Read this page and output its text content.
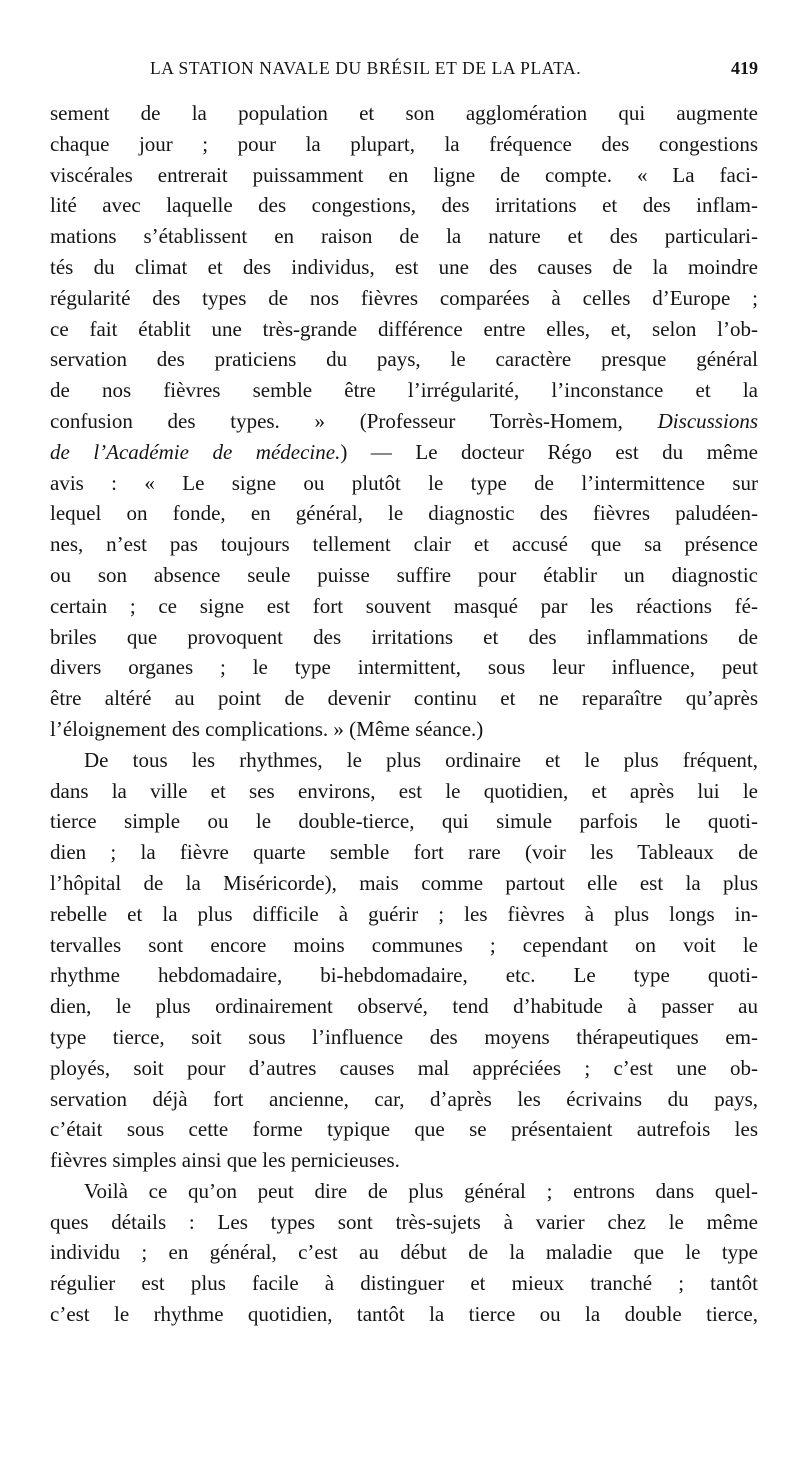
LA STATION NAVALE DU BRÉSIL ET DE LA PLATA.	419

sement de la population et son agglomération qui augmente
chaque jour ; pour la plupart, la fréquence des congestions
viscérales entrerait puissamment en ligne de compte. « La faci-
lité avec laquelle des congestions, des irritations et des inflam-
mations s’établissent en raison de la nature et des particulari-
tés du climat et des individus, est une des causes de la moindre
régularité des types de nos fièvres comparées à celles d’Europe ;
ce fait établit une très-grande différence entre elles, et, selon l’ob-
servation des praticiens du pays, le caractère presque général
de nos fièvres semble être l’irrégularité, l’inconstance et la
confusion des types. » (Professeur Torrès-Homem, Discussions
de l’Académie de médecine.) — Le docteur Régo est du même
avis : « Le signe ou plutôt le type de l’intermittence sur
lequel on fonde, en général, le diagnostic des fièvres paludéen-
nes, n’est pas toujours tellement clair et accusé que sa présence
ou son absence seule puisse suffire pour établir un diagnostic
certain ; ce signe est fort souvent masqué par les réactions fé-
briles que provoquent des irritations et des inflammations de
divers organes ; le type intermittent, sous leur influence, peut
être altéré au point de devenir continu et ne reparaître qu’après
l’éloignement des complications. » (Même séance.)

De tous les rhythmes, le plus ordinaire et le plus fréquent,
dans la ville et ses environs, est le quotidien, et après lui le
tierce simple ou le double-tierce, qui simule parfois le quoti-
dien ; la fièvre quarte semble fort rare (voir les Tableaux de
l’hôpital de la Miséricorde), mais comme partout elle est la plus
rebelle et la plus difficile à guérir ; les fièvres à plus longs in-
tervalles sont encore moins communes ; cependant on voit le
rhythme hebdomadaire, bi-hebdomadaire, etc. Le type quoti-
dien, le plus ordinairement observé, tend d’habitude à passer au
type tierce, soit sous l’influence des moyens thérapeutiques em-
ployés, soit pour d’autres causes mal appréciées ; c’est une ob-
servation déjà fort ancienne, car, d’après les écrivains du pays,
c’était sous cette forme typique que se présentaient autrefois les
fièvres simples ainsi que les pernicieuses.

Voilà ce qu’on peut dire de plus général ; entrons dans quel-
ques détails : Les types sont très-sujets à varier chez le même
individu ; en général, c’est au début de la maladie que le type
régulier est plus facile à distinguer et mieux tranché ; tantôt
c’est le rhythme quotidien, tantôt la tierce ou la double tierce,
